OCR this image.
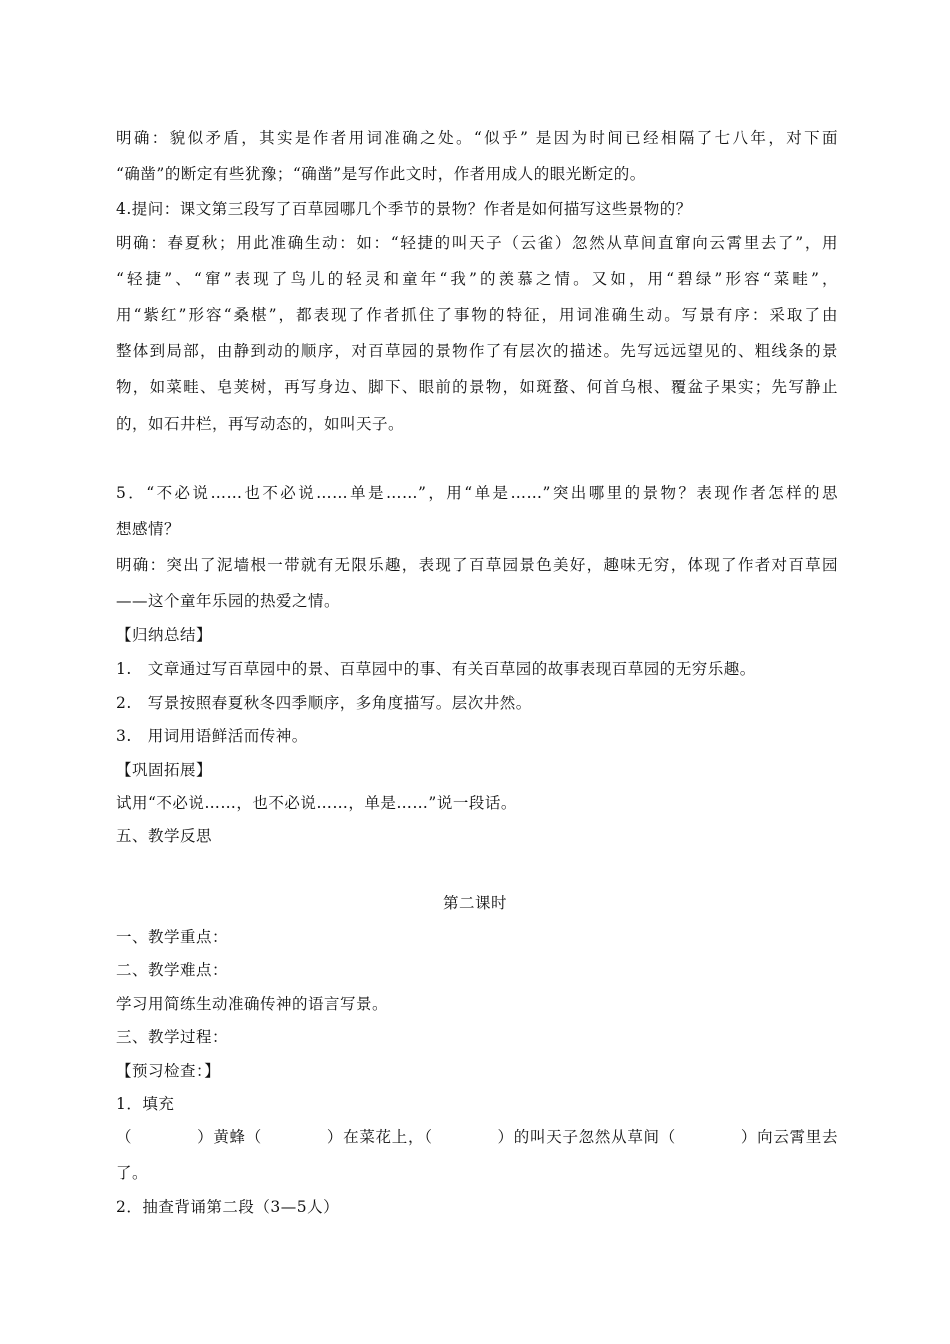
明确：貌似矛盾，其实是作者用词准确之处。“似乎” 是因为时间已经相隔了七八年，对下面
“确凿”的断定有些犹豫；“确凿”是写作此文时，作者用成人的眼光断定的。
4.提问：课文第三段写了百草园哪几个季节的景物？作者是如何描写这些景物的？
明确：春夏秋；用此准确生动：如：“轻捷的叫天子（云雀）忽然从草间直窜向云霄里去了”，用
“轻捷”、“窜”表现了鸟儿的轻灵和童年“我”的羡慕之情。又如，用“碧绿”形容“菜畦”，
用“紫红”形容“桑椹”，都表现了作者抓住了事物的特征，用词准确生动。写景有序：采取了由
整体到局部，由静到动的顺序，对百草园的景物作了有层次的描述。先写远远望见的、粗线条的景
物，如菜畦、皂荚树，再写身边、脚下、眼前的景物，如斑蝥、何首乌根、覆盆子果实；先写静止
的，如石井栏，再写动态的，如叫天子。
5．“不必说……也不必说……单是……”，用“单是……”突出哪里的景物？表现作者怎样的思
想感情？
明确：突出了泥墙根一带就有无限乐趣，表现了百草园景色美好，趣味无穷，体现了作者对百草园
——这个童年乐园的热爱之情。
【归纳总结】
1.　文章通过写百草园中的景、百草园中的事、有关百草园的故事表现百草园的无穷乐趣。
2.　写景按照春夏秋冬四季顺序，多角度描写。层次井然。
3.　用词用语鲜活而传神。
【巩固拓展】
试用“不必说……，也不必说……，单是……”说一段话。
五、教学反思
第二课时
一、教学重点：
二、教学难点：
学习用简练生动准确传神的语言写景。
三、教学过程：
【预习检查：】
1．填充
（　　　　）黄蜂（　　　　）在菜花上，（　　　　）的叫天子忽然从草间（　　　　）向云霄里去
了。
2．抽查背诵第二段（3—5人）
